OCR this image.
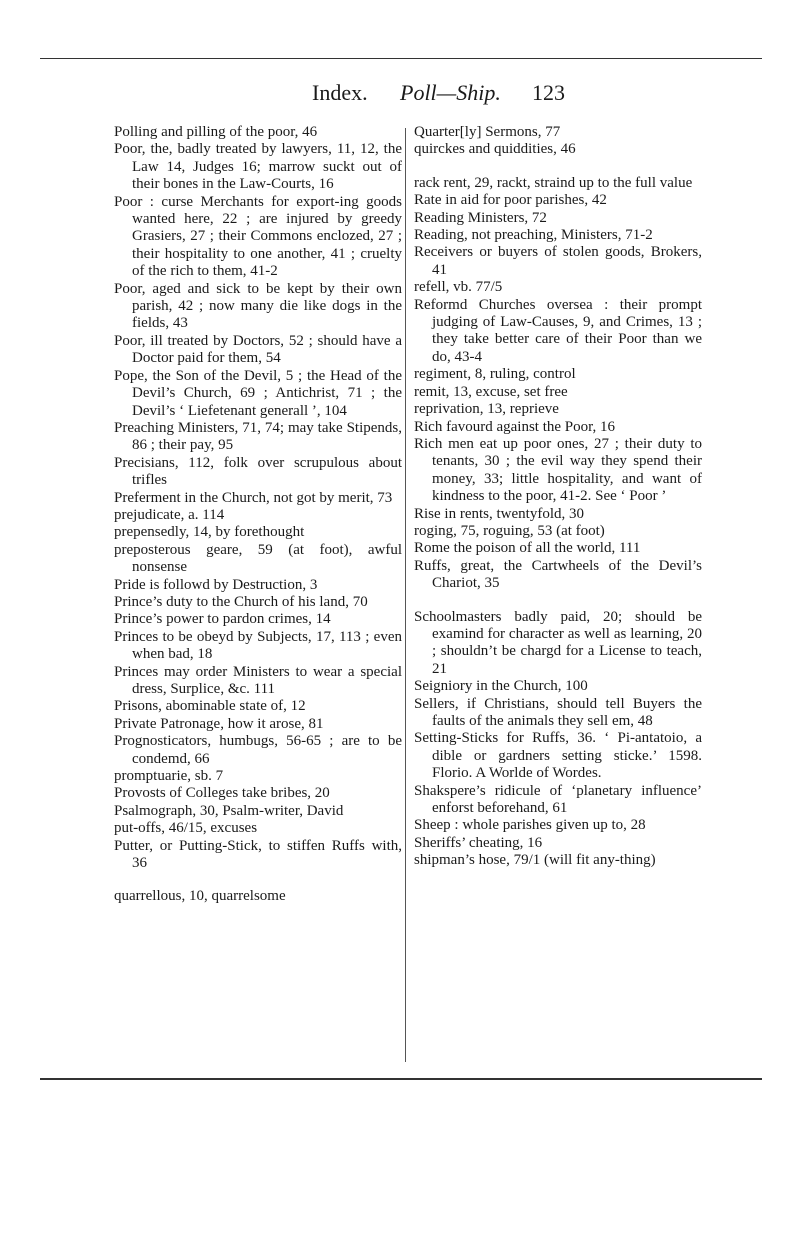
Index. Poll—Ship. 123

Polling and pilling of the poor, 46

Poor, the, badly treated by lawyers, 11, 12, the Law 14, Judges 16; marrow suckt out of their bones in the Law-Courts, 16

Poor : curse Merchants for export-ing goods wanted here, 22 ; are injured by greedy Grasiers, 27 ; their Commons enclozed, 27 ; their hospitality to one another, 41 ; cruelty of the rich to them, 41-2

Poor, aged and sick to be kept by their own parish, 42 ; now many die like dogs in the fields, 43

Poor, ill treated by Doctors, 52 ; should have a Doctor paid for them, 54

Pope, the Son of the Devil, 5 ; the Head of the Devil’s Church, 69 ; Antichrist, 71 ; the Devil’s ‘ Liefetenant generall ’, 104

Preaching Ministers, 71, 74; may take Stipends, 86 ; their pay, 95

Precisians, 112, folk over scrupulous about trifles

Preferment in the Church, not got by merit, 73

prejudicate, a. 114

prepensedly, 14, by forethought

preposterous geare, 59 (at foot), awful nonsense

Pride is followd by Destruction, 3

Prince’s duty to the Church of his land, 70

Prince’s power to pardon crimes, 14

Princes to be obeyd by Subjects, 17, 113 ; even when bad, 18

Princes may order Ministers to wear a special dress, Surplice, &c. 111

Prisons, abominable state of, 12

Private Patronage, how it arose, 81

Prognosticators, humbugs, 56-65 ; are to be condemd, 66

promptuarie, sb. 7

Provosts of Colleges take bribes, 20

Psalmograph, 30, Psalm-writer, David

put-offs, 46/15, excuses

Putter, or Putting-Stick, to stiffen Ruffs with, 36

quarrellous, 10, quarrelsome

Quarter[ly] Sermons, 77

quirckes and quiddities, 46

rack rent, 29, rackt, straind up to the full value

Rate in aid for poor parishes, 42

Reading Ministers, 72

Reading, not preaching, Ministers, 71-2

Receivers or buyers of stolen goods, Brokers, 41

refell, vb. 77/5

Reformd Churches oversea : their prompt judging of Law-Causes, 9, and Crimes, 13 ; they take better care of their Poor than we do, 43-4

regiment, 8, ruling, control

remit, 13, excuse, set free

reprivation, 13, reprieve

Rich favourd against the Poor, 16

Rich men eat up poor ones, 27 ; their duty to tenants, 30 ; the evil way they spend their money, 33; little hospitality, and want of kindness to the poor, 41-2. See ‘ Poor ’

Rise in rents, twentyfold, 30

roging, 75, roguing, 53 (at foot)

Rome the poison of all the world, 111

Ruffs, great, the Cartwheels of the Devil’s Chariot, 35

Schoolmasters badly paid, 20; should be examind for character as well as learning, 20 ; shouldn’t be chargd for a License to teach, 21

Seigniory in the Church, 100

Sellers, if Christians, should tell Buyers the faults of the animals they sell em, 48

Setting-Sticks for Ruffs, 36. ‘ Pi-antatoio, a dible or gardners setting sticke.’ 1598. Florio. A Worlde of Wordes.

Shakspere’s ridicule of ‘planetary influence’ enforst beforehand, 61

Sheep : whole parishes given up to, 28

Sheriffs’ cheating, 16

shipman’s hose, 79/1 (will fit any-thing)
